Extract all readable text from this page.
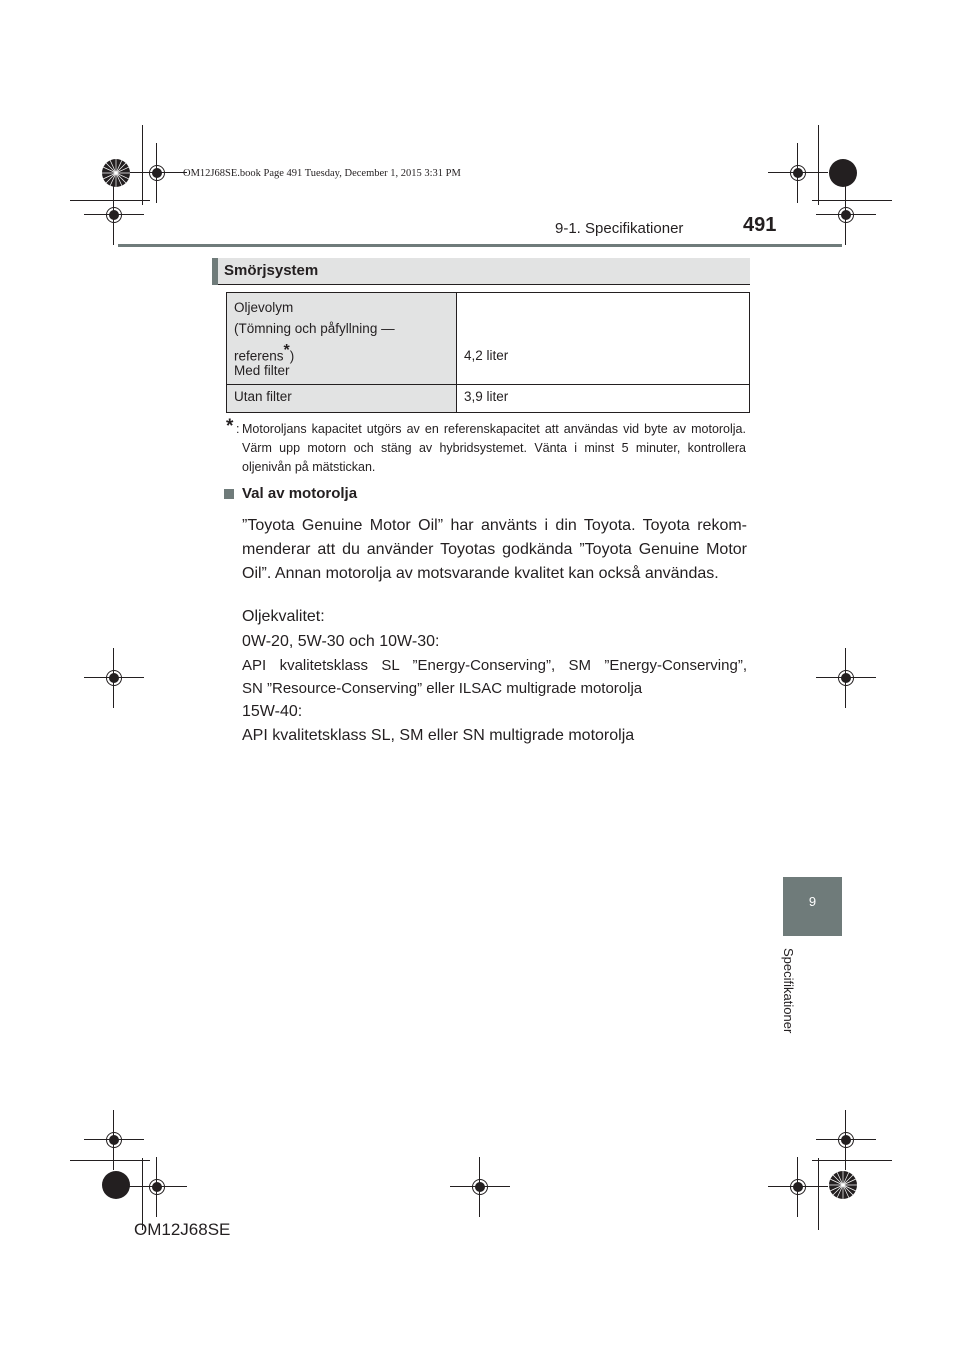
OM12J68SE.book Page 491 Tuesday, December 1, 2015 3:31 PM
9-1. Specifikationer	491
9
Specifikationer
Smörjsystem
Oljevolym
(Tömning och påfyllning —
referens*)
Med filter	4,2 liter

Utan filter	3,9 liter
* : Motoroljans kapacitet utgörs av en referenskapacitet att användas vid byte av motorolja. Värm upp motorn och stäng av hybridsystemet. Vänta i minst 5 minuter, kontrollera oljenivån på mätstickan.
Val av motorolja
”Toyota Genuine Motor Oil” har använts i din Toyota. Toyota rekom-menderar att du använder Toyotas godkända ”Toyota Genuine Motor Oil”. Annan motorolja av motsvarande kvalitet kan också användas.
Oljekvalitet:
0W-20, 5W-30 och 10W-30:
API kvalitetsklass SL ”Energy-Conserving”, SM ”Energy-Conserving”,
SN ”Resource-Conserving” eller ILSAC multigrade motorolja
15W-40:
API kvalitetsklass SL, SM eller SN multigrade motorolja
OM12J68SE
